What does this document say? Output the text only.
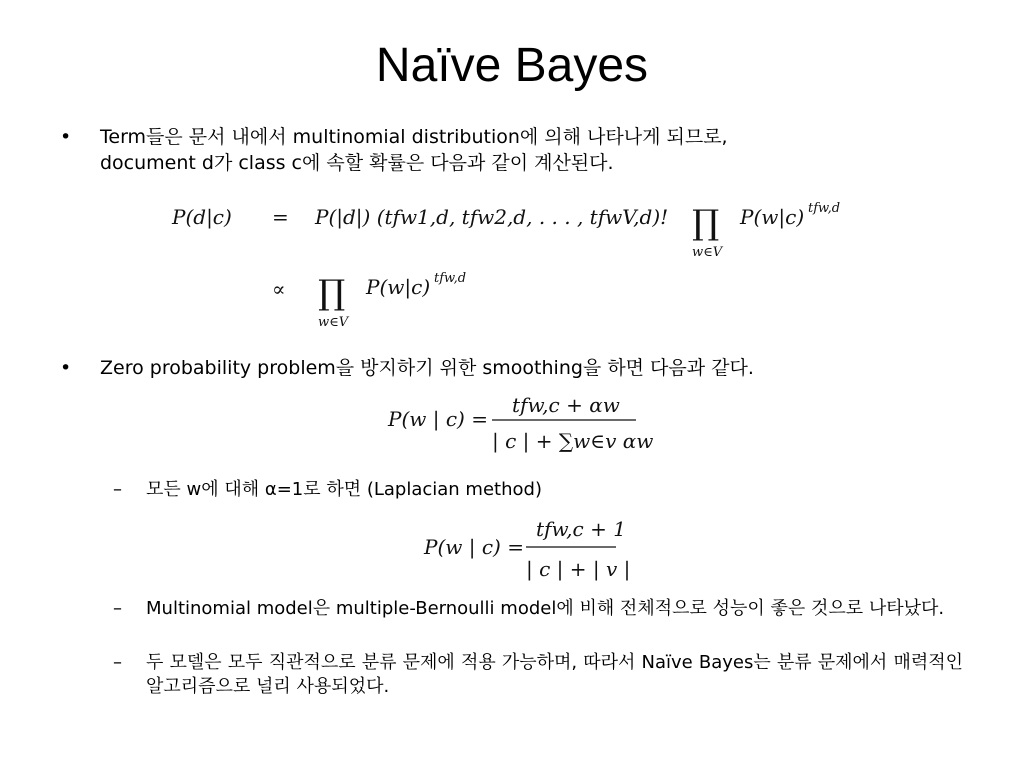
Naïve Bayes
• Term들은 문서 내에서 multinomial distribution에 의해 나타나게 되므로,
document d가 class c에 속할 확률은 다음과 같이 계산된다.
P(d|c) = P(|d|) (tfw1,d, tfw2,d, . . . , tfwV,d)! ∏
w∈V
P(w|c) tfw,d
∝ ∏
w∈V
P(w|c) tfw,d
• Zero probability problem을 방지하기 위한 smoothing을 하면 다음과 같다.
P(w | c) =
tfw,c + αw
| c | + ∑w∈v αw
– 모든 w에 대해 α=1로 하면 (Laplacian method)
P(w | c) =
tfw,c + 1
| c | + | v |
– Multinomial model은 multiple-Bernoulli model에 비해 전체적으로 성능이 좋은 것으로 나타났다.
– 두 모델은 모두 직관적으로 분류 문제에 적용 가능하며, 따라서 Naïve Bayes는 분류 문제에서 매력적인 알고리즘으로 널리 사용되었다.
